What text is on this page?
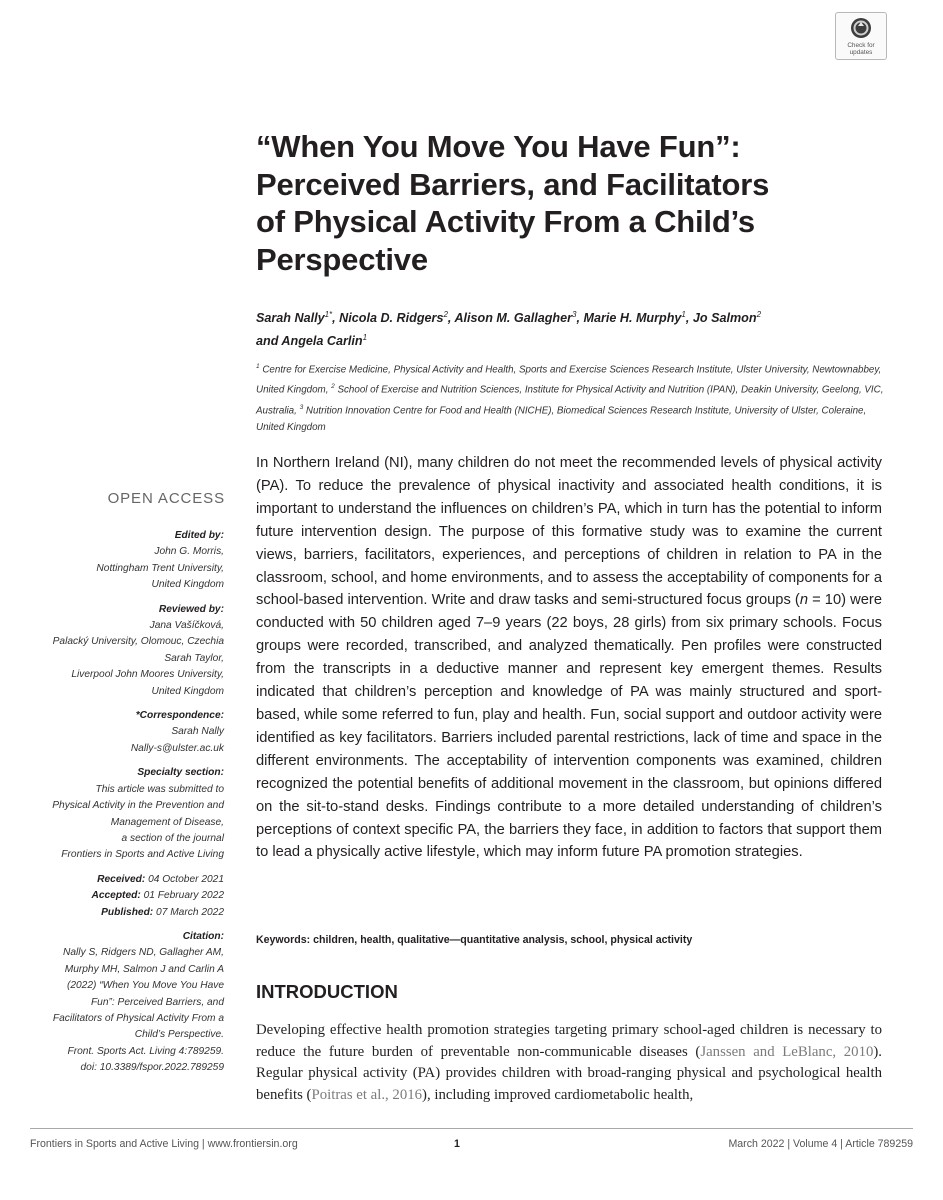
Check for
updates
“When You Move You Have Fun”:
Perceived Barriers, and Facilitators
of Physical Activity From a Child’s
Perspective
Sarah Nally$^{1*}$, Nicola D. Ridgers$^2$, Alison M. Gallagher$^3$, Marie H. Murphy$^1$, Jo Salmon$^2$
and Angela Carlin$^1$
$^1$ Centre for Exercise Medicine, Physical Activity and Health, Sports and Exercise Sciences Research Institute, Ulster University, Newtownabbey, United Kingdom, $^2$ School of Exercise and Nutrition Sciences, Institute for Physical Activity and Nutrition (IPAN), Deakin University, Geelong, VIC, Australia, $^3$ Nutrition Innovation Centre for Food and Health (NICHE), Biomedical Sciences Research Institute, University of Ulster, Coleraine, United Kingdom
In Northern Ireland (NI), many children do not meet the recommended levels of physical activity (PA). To reduce the prevalence of physical inactivity and associated health conditions, it is important to understand the influences on children’s PA, which in turn has the potential to inform future intervention design. The purpose of this formative study was to examine the current views, barriers, facilitators, experiences, and perceptions of children in relation to PA in the classroom, school, and home environments, and to assess the acceptability of components for a school-based intervention. Write and draw tasks and semi-structured focus groups (n = 10) were conducted with 50 children aged 7–9 years (22 boys, 28 girls) from six primary schools. Focus groups were recorded, transcribed, and analyzed thematically. Pen profiles were constructed from the transcripts in a deductive manner and represent key emergent themes. Results indicated that children’s perception and knowledge of PA was mainly structured and sport-based, while some referred to fun, play and health. Fun, social support and outdoor activity were identified as key facilitators. Barriers included parental restrictions, lack of time and space in the different environments. The acceptability of intervention components was examined, children recognized the potential benefits of additional movement in the classroom, but opinions differed on the sit-to-stand desks. Findings contribute to a more detailed understanding of children’s perceptions of context specific PA, the barriers they face, in addition to factors that support them to lead a physically active lifestyle, which may inform future PA promotion strategies.
Keywords: children, health, qualitative—quantitative analysis, school, physical activity
INTRODUCTION
Developing effective health promotion strategies targeting primary school-aged children is necessary to reduce the future burden of preventable non-communicable diseases (Janssen and LeBlanc, 2010). Regular physical activity (PA) provides children with broad-ranging physical and psychological health benefits (Poitras et al., 2016), including improved cardiometabolic health,
OPEN ACCESS
Edited by:
John G. Morris,
Nottingham Trent University,
United Kingdom
Reviewed by:
Jana Vašíčková,
Palacký University, Olomouc, Czechia
Sarah Taylor,
Liverpool John Moores University,
United Kingdom
*Correspondence:
Sarah Nally
Nally-s@ulster.ac.uk
Specialty section:
This article was submitted to
Physical Activity in the Prevention and
Management of Disease,
a section of the journal
Frontiers in Sports and Active Living
Received: 04 October 2021
Accepted: 01 February 2022
Published: 07 March 2022
Citation:
Nally S, Ridgers ND, Gallagher AM,
Murphy MH, Salmon J and Carlin A
(2022) “When You Move You Have
Fun”: Perceived Barriers, and
Facilitators of Physical Activity From a
Child’s Perspective.
Front. Sports Act. Living 4:789259.
doi: 10.3389/fspor.2022.789259
Frontiers in Sports and Active Living | www.frontiersin.org	1	March 2022 | Volume 4 | Article 789259
